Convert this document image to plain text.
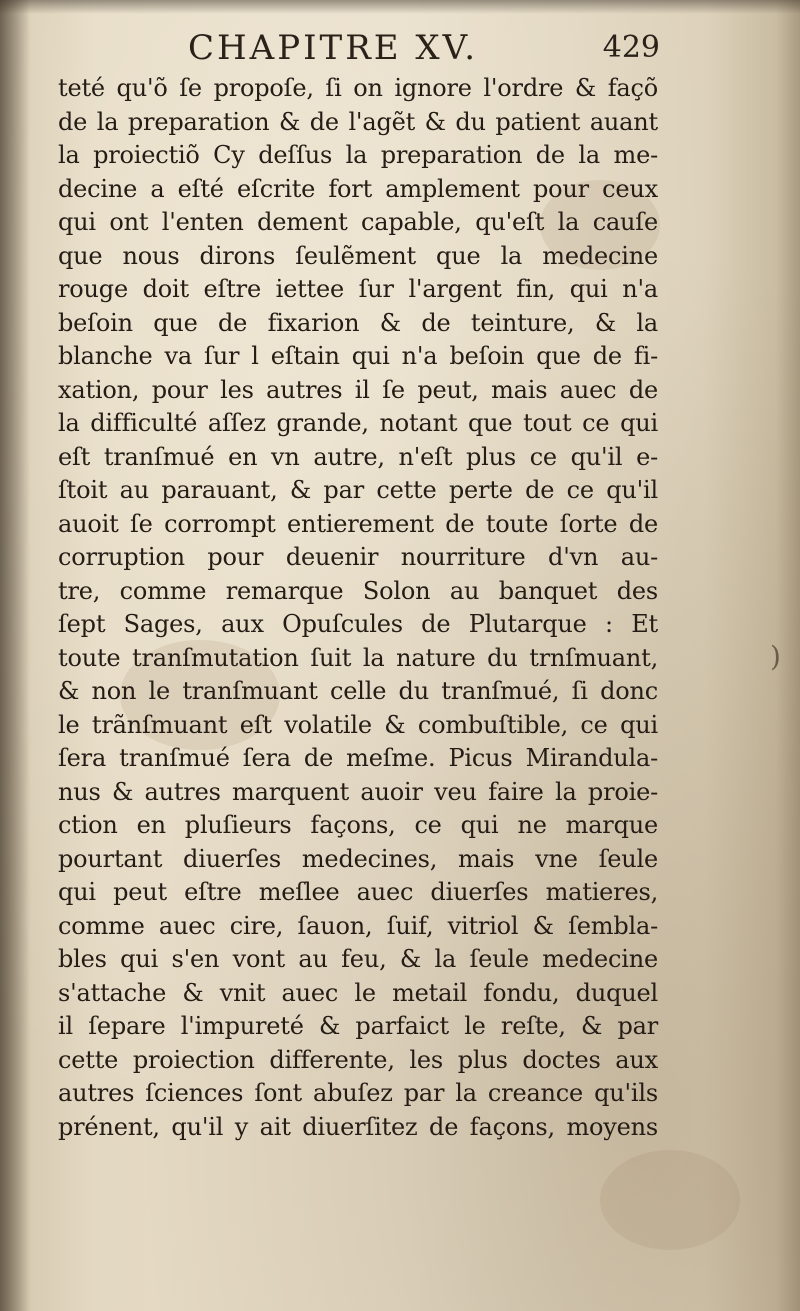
CHAPITRE XV.	429
teté qu'õ ſe propoſe, ſi on ignore l'ordre & façõ
de la preparation & de l'agẽt & du patient auant
la proiectiõ Cy deſſus la preparation de la me-
decine a eſté eſcrite fort amplement pour ceux
qui ont l'enten dement capable, qu'eſt la cauſe
que nous dirons ſeulẽment que la medecine
rouge doit eſtre iettee ſur l'argent fin, qui n'a
beſoin que de fixarion & de teinture, & la
blanche va ſur l eſtain qui n'a beſoin que de fi-
xation, pour les autres il ſe peut, mais auec de
la difficulté aſſez grande, notant que tout ce qui
eſt tranſmué en vn autre, n'eſt plus ce qu'il e-
ſtoit au parauant, & par cette perte de ce qu'il
auoit ſe corrompt entierement de toute ſorte de
corruption pour deuenir nourriture d'vn au-
tre, comme remarque Solon au banquet des
ſept Sages, aux Opuſcules de Plutarque : Et
toute tranſmutation ſuit la nature du trnſmuant,
& non le tranſmuant celle du tranſmué, ſi donc
le trãnſmuant eſt volatile & combuſtible, ce qui
ſera tranſmué ſera de meſme. Picus Mirandula-
nus & autres marquent auoir veu faire la proie-
ction en pluſieurs façons, ce qui ne marque
pourtant diuerſes medecines, mais vne ſeule
qui peut eſtre meſlee auec diuerſes matieres,
comme auec cire, ſauon, ſuif, vitriol & ſembla-
bles qui s'en vont au feu, & la ſeule medecine
s'attache & vnit auec le metail fondu, duquel
il ſepare l'impureté & parfaict le reſte, & par
cette proiection differente, les plus doctes aux
autres ſciences ſont abuſez par la creance qu'ils
prénent, qu'il y ait diuerſitez de façons, moyens
)
